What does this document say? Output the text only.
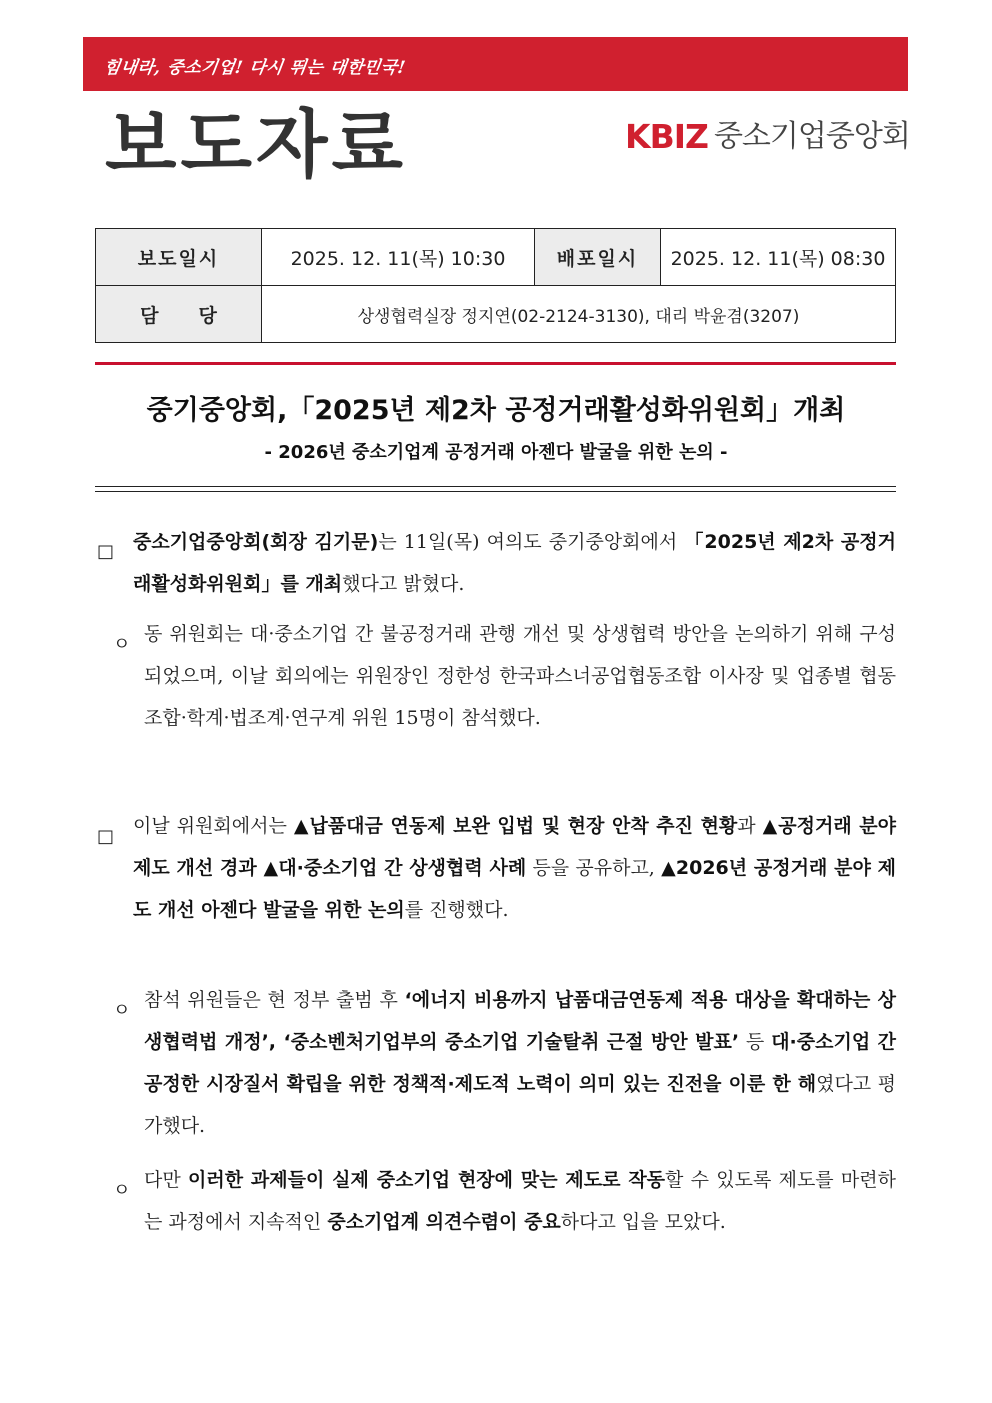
힘내라, 중소기업! 다시 뛰는 대한민국!
보도자료	KBIZ 중소기업중앙회
보도일시	2025. 12. 11(목) 10:30	배포일시	2025. 12. 11(목) 08:30
담당	상생협력실장 정지연(02-2124-3130), 대리 박윤겸(3207)		
중기중앙회,「2025년 제2차 공정거래활성화위원회」개최
- 2026년 중소기업계 공정거래 아젠다 발굴을 위한 논의 -
□ 중소기업중앙회(회장 김기문)는 11일(목) 여의도 중기중앙회에서 「2025년 제2차 공정거래활성화위원회」를 개최했다고 밝혔다.
ㅇ 동 위원회는 대·중소기업 간 불공정거래 관행 개선 및 상생협력 방안을 논의하기 위해 구성되었으며, 이날 회의에는 위원장인 정한성 한국파스너공업협동조합 이사장 및 업종별 협동조합·학계·법조계·연구계 위원 15명이 참석했다.
□ 이날 위원회에서는 ▲납품대금 연동제 보완 입법 및 현장 안착 추진 현황과 ▲공정거래 분야 제도 개선 경과 ▲대·중소기업 간 상생협력 사례 등을 공유하고, ▲2026년 공정거래 분야 제도 개선 아젠다 발굴을 위한 논의를 진행했다.
ㅇ 참석 위원들은 현 정부 출범 후 ‘에너지 비용까지 납품대금연동제 적용 대상을 확대하는 상생협력법 개정’, ‘중소벤처기업부의 중소기업 기술탈취 근절 방안 발표’ 등 대·중소기업 간 공정한 시장질서 확립을 위한 정책적·제도적 노력이 의미 있는 진전을 이룬 한 해였다고 평가했다.
ㅇ 다만 이러한 과제들이 실제 중소기업 현장에 맞는 제도로 작동할 수 있도록 제도를 마련하는 과정에서 지속적인 중소기업계 의견수렴이 중요하다고 입을 모았다.
